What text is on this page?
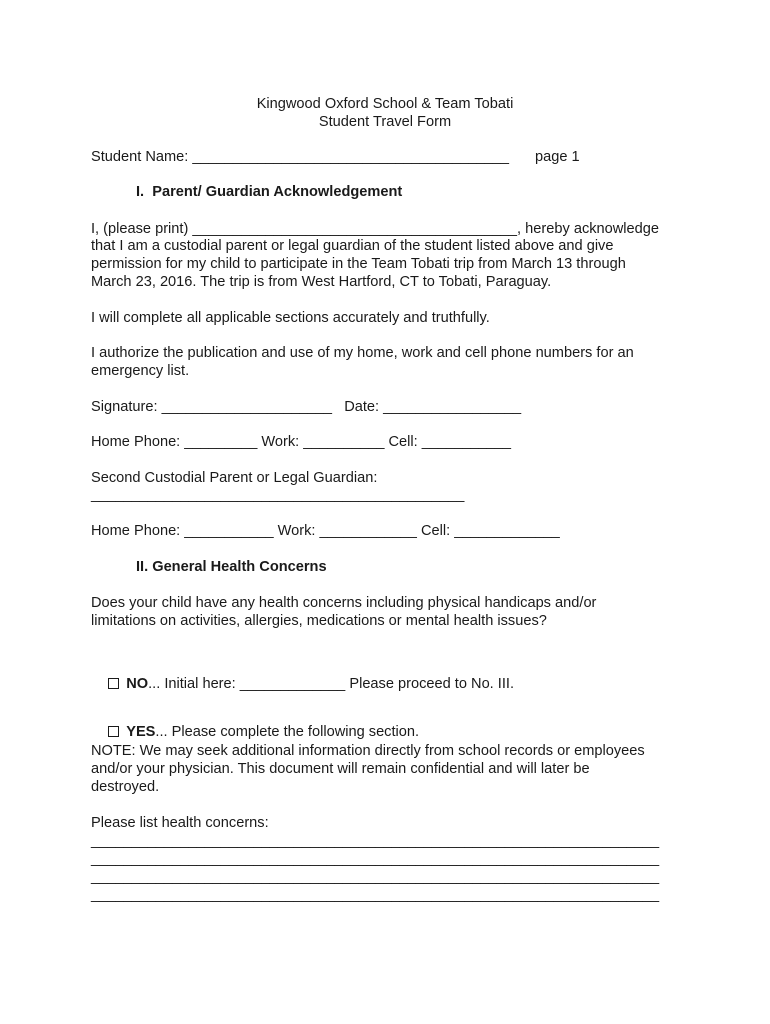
Kingwood Oxford School & Team Tobati
Student Travel Form
Student Name: _______________________________________ page 1
I.  Parent/ Guardian Acknowledgement
I, (please print) ________________________________________, hereby acknowledge
that I am a custodial parent or legal guardian of the student listed above and give
permission for my child to participate in the Team Tobati trip from March 13 through
March 23, 2016. The trip is from West Hartford, CT to Tobati, Paraguay.
I will complete all applicable sections accurately and truthfully.
I authorize the publication and use of my home, work and cell phone numbers for an
emergency list.
Signature: _____________________   Date: _________________
Home Phone: _________ Work: __________ Cell: ___________
Second Custodial Parent or Legal Guardian:
______________________________________________
Home Phone: ___________ Work: ____________ Cell: _____________
II. General Health Concerns
Does your child have any health concerns including physical handicaps and/or
limitations on activities, allergies, medications or mental health issues?

NO... Initial here: _____________ Please proceed to No. III.

YES... Please complete the following section.

NOTE: We may seek additional information directly from school records or employees
and/or your physician. This document will remain confidential and will later be
destroyed.
Please list health concerns:
______________________________________________________________________
______________________________________________________________________
______________________________________________________________________
______________________________________________________________________
